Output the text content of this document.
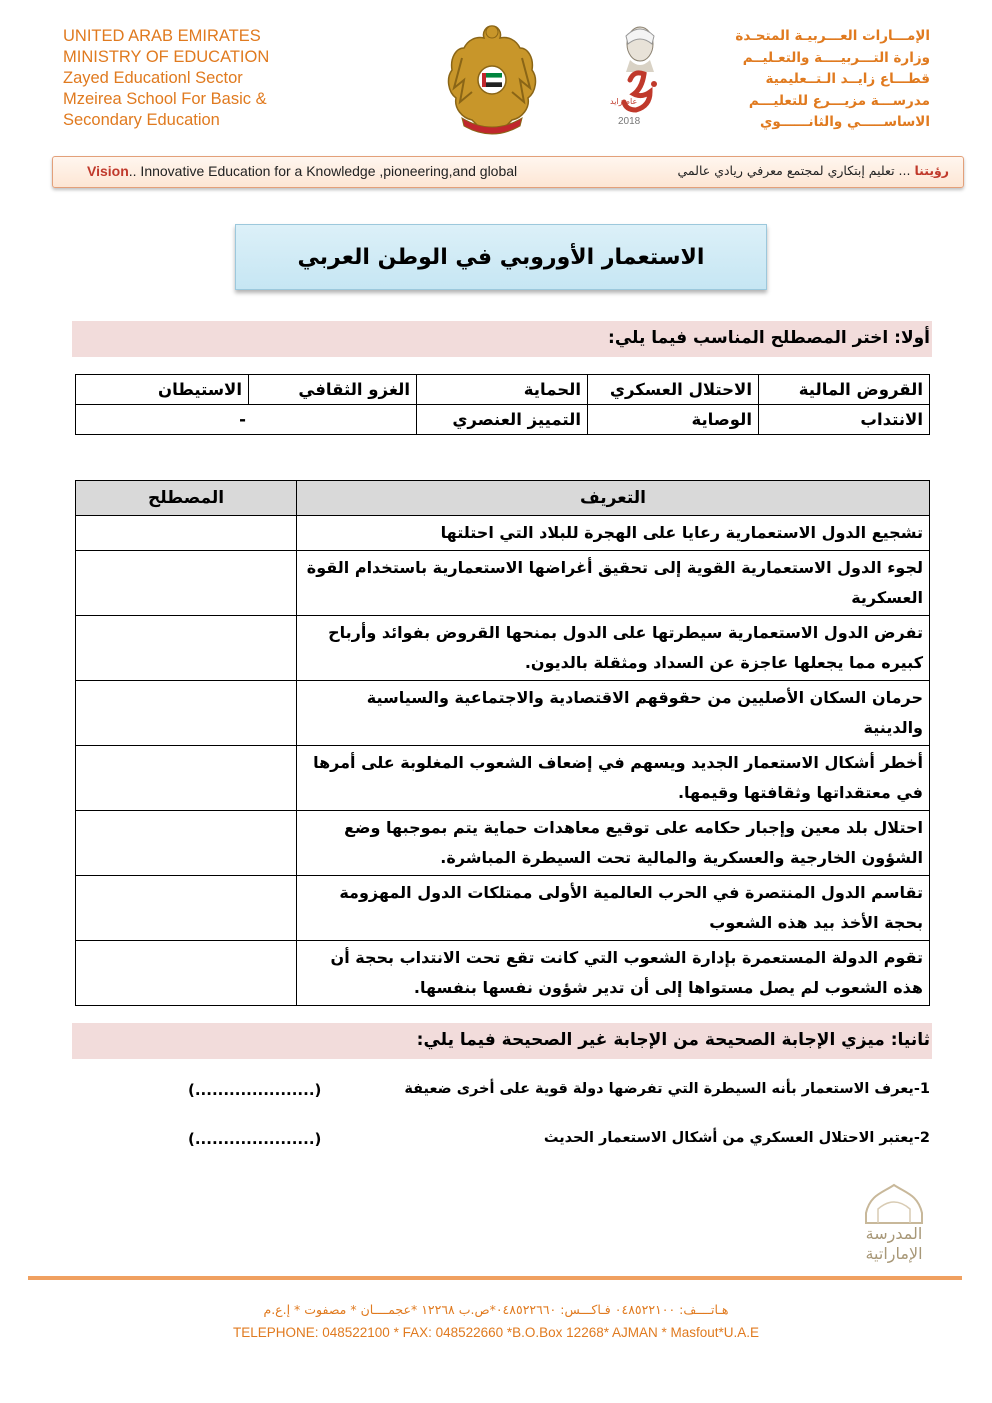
UNITED ARAB EMIRATES
MINISTRY OF EDUCATION
Zayed Educationl Sector
Mzeirea School For Basic &
Secondary Education
عام زايد
2018
الإمـــارات العـــربيـة المتحـدة
وزارة التـــربيــــة والتعـليــم
قطـــاع زايــد الـتــعليمية
مدرســـة مزيـــرع للتعليـــم
الاساســـــي والثانــــــوي
Vision.. Innovative Education for a Knowledge ,pioneering,and global	رؤيتنا ... تعليم إبتكاري لمجتمع معرفي ريادي عالمي
الاستعمار الأوروبي في الوطن العربي
أولا: اختر المصطلح المناسب فيما يلي:
القروض المالية	الاحتلال العسكري	الحماية	الغزو الثقافي	الاستيطان
الانتداب	الوصاية	التمييز العنصري	-	
التعريف	المصطلح
تشجيع الدول الاستعمارية رعايا على الهجرة للبلاد التي احتلتها	
لجوء الدول الاستعمارية القوية إلى تحقيق أغراضها الاستعمارية باستخدام القوة العسكرية	
تفرض الدول الاستعمارية سيطرتها على الدول بمنحها القروض بفوائد وأرباح كبيره مما يجعلها عاجزة عن السداد ومثقلة بالديون.	
حرمان السكان الأصليين من حقوقهم الاقتصادية والاجتماعية والسياسية والدينية	
أخطر أشكال الاستعمار الجديد ويسهم في إضعاف الشعوب المغلوبة على أمرها في معتقداتها وثقافتها وقيمها.	
احتلال بلد معين وإجبار حكامه على توقيع معاهدات حماية يتم بموجبها وضع الشؤون الخارجية والعسكرية والمالية تحت السيطرة المباشرة.	
تقاسم الدول المنتصرة في الحرب العالمية الأولى ممتلكات الدول المهزومة بحجة الأخذ بيد هذه الشعوب	
تقوم الدولة المستعمرة بإدارة الشعوب التي كانت تقع تحت الانتداب بحجة أن هذه الشعوب لم يصل مستواها إلى أن تدير شؤون نفسها بنفسها.	
ثانيا: ميزي الإجابة الصحيحة من الإجابة غير الصحيحة فيما يلي:
1-يعرف الاستعمار بأنه السيطرة التي تفرضها دولة قوية على أخرى ضعيفة
(.....................)
2-يعتبر الاحتلال العسكري من أشكال الاستعمار الحديث
(.....................)
المدرسة
الإماراتية
هـاتــــف: ٠٤٨٥٢٢١٠٠ فـاكـــس: ٠٤٨٥٢٢٦٦٠*ص.ب ١٢٢٦٨ *عجمــــان * مصفوت * إ.ع.م
TELEPHONE: 048522100 * FAX: 048522660 *B.O.Box 12268* AJMAN * Masfout*U.A.E
